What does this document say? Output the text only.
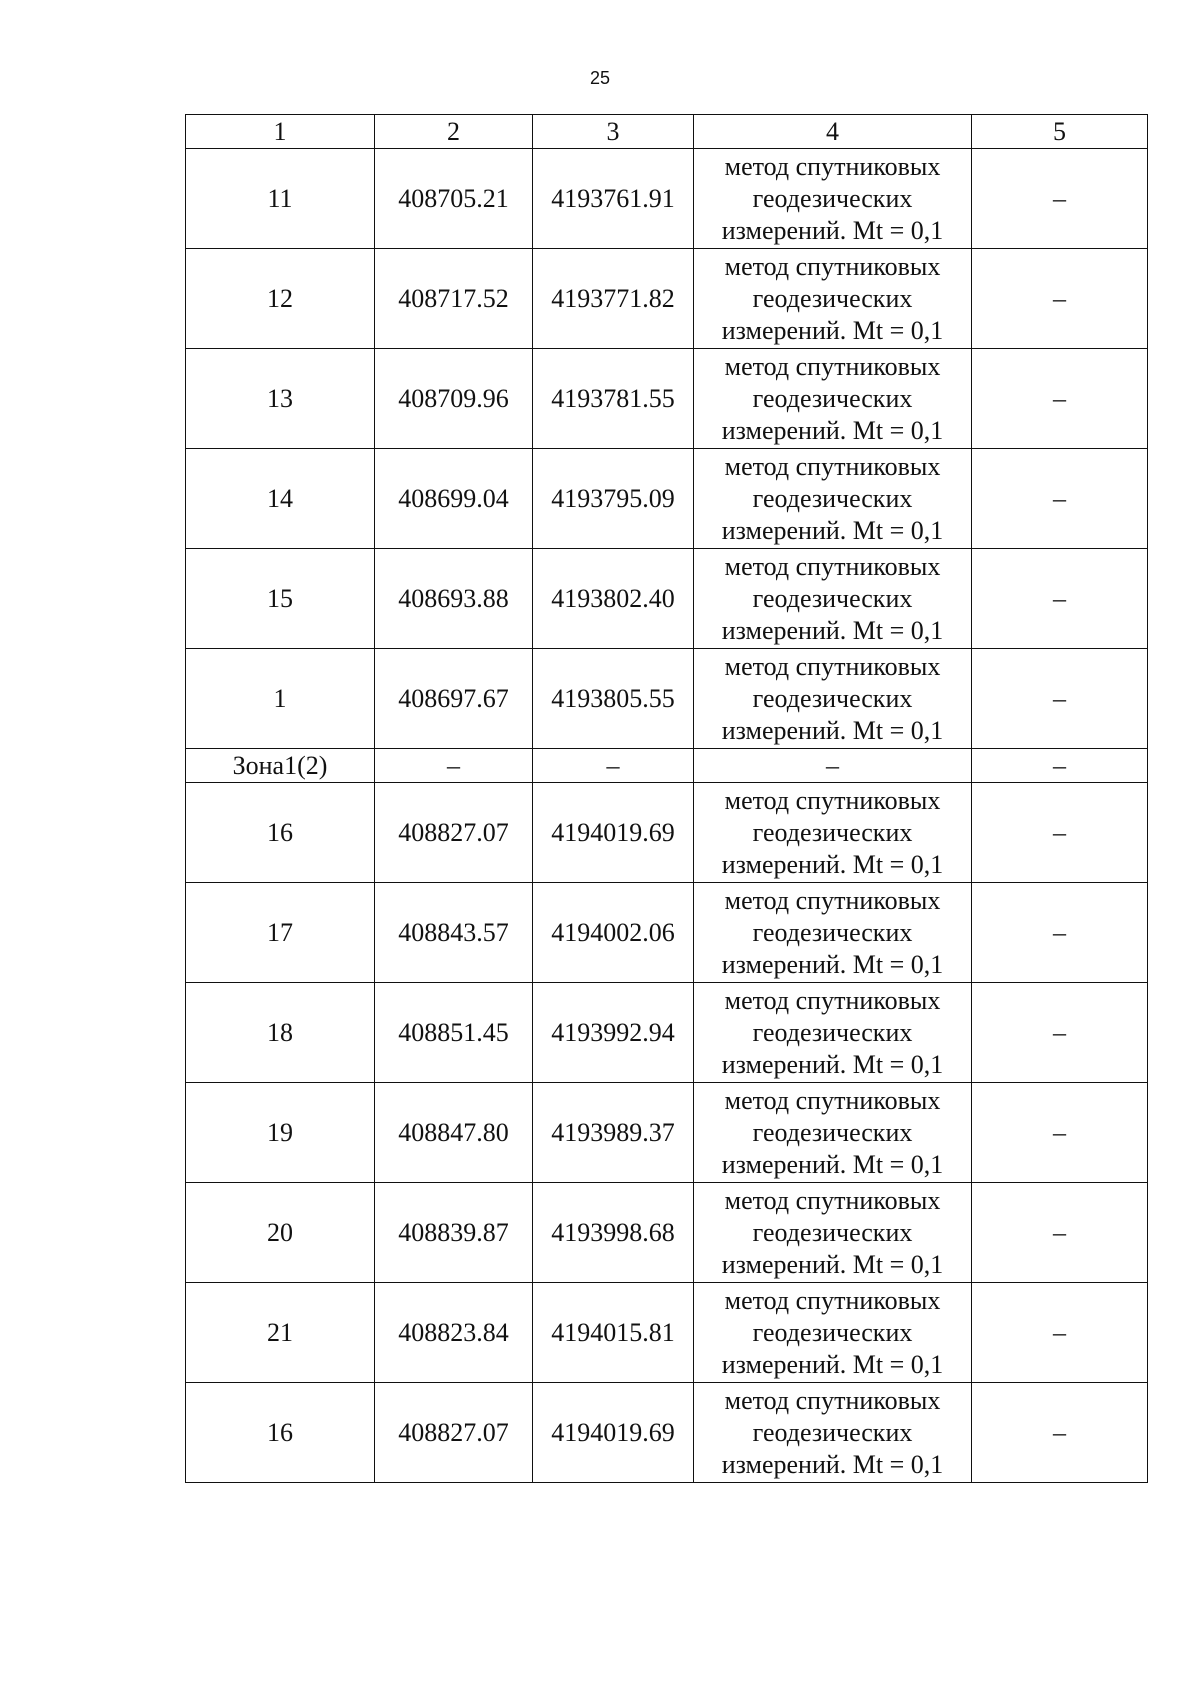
25
1	2	3	4	5
11	408705.21	4193761.91	метод спутниковых геодезических измерений. Mt = 0,1	–
12	408717.52	4193771.82	метод спутниковых геодезических измерений. Mt = 0,1	–
13	408709.96	4193781.55	метод спутниковых геодезических измерений. Mt = 0,1	–
14	408699.04	4193795.09	метод спутниковых геодезических измерений. Mt = 0,1	–
15	408693.88	4193802.40	метод спутниковых геодезических измерений. Mt = 0,1	–
1	408697.67	4193805.55	метод спутниковых геодезических измерений. Mt = 0,1	–
Зона1(2)	–	–	–	–
16	408827.07	4194019.69	метод спутниковых геодезических измерений. Mt = 0,1	–
17	408843.57	4194002.06	метод спутниковых геодезических измерений. Mt = 0,1	–
18	408851.45	4193992.94	метод спутниковых геодезических измерений. Mt = 0,1	–
19	408847.80	4193989.37	метод спутниковых геодезических измерений. Mt = 0,1	–
20	408839.87	4193998.68	метод спутниковых геодезических измерений. Mt = 0,1	–
21	408823.84	4194015.81	метод спутниковых геодезических измерений. Mt = 0,1	–
16	408827.07	4194019.69	метод спутниковых геодезических измерений. Mt = 0,1	–
